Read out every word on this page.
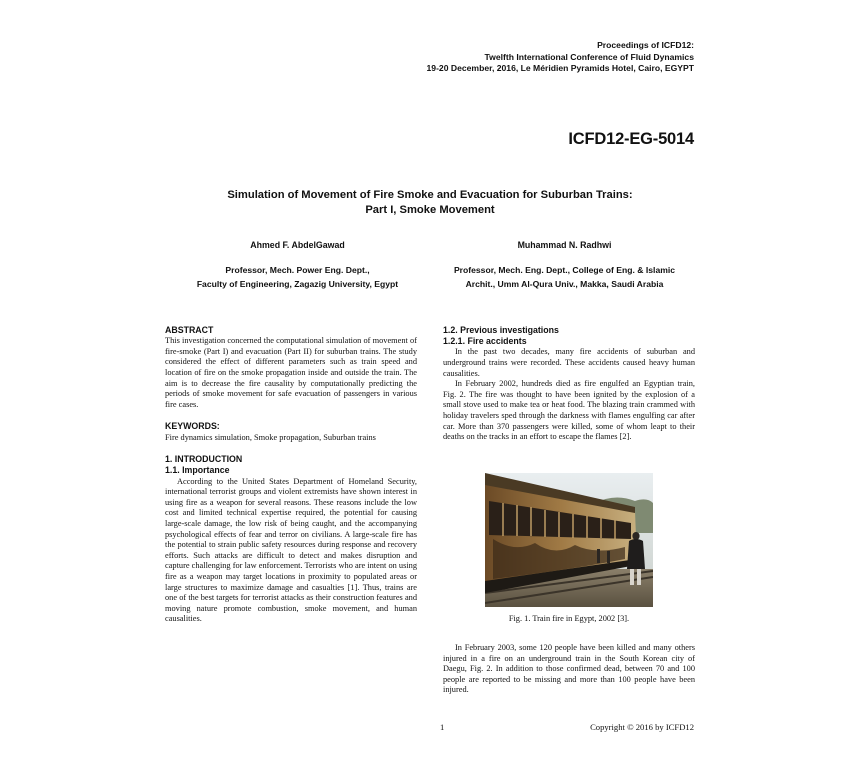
Proceedings of ICFD12:
Twelfth International Conference of Fluid Dynamics
19-20 December, 2016, Le Méridien Pyramids Hotel, Cairo, EGYPT
ICFD12-EG-5014
Simulation of Movement of Fire Smoke and Evacuation for Suburban Trains:
Part I, Smoke Movement
Ahmed F. AbdelGawad	Muhammad N. Radhwi
Professor, Mech. Power Eng. Dept.,
Faculty of Engineering, Zagazig University, Egypt
Professor, Mech. Eng. Dept., College of Eng. & Islamic
Archit., Umm Al-Qura Univ., Makka, Saudi Arabia
ABSTRACT

This investigation concerned the computational simulation of movement of fire-smoke (Part I) and evacuation (Part II) for suburban trains. The study considered the effect of different parameters such as train speed and location of fire on the smoke propagation inside and outside the train. The aim is to decrease the fire causality by computationally predicting the periods of smoke movement for safe evacuation of passengers in various fire cases.

KEYWORDS:

Fire dynamics simulation, Smoke propagation, Suburban trains

1. INTRODUCTION
1.1. Importance

According to the United States Department of Homeland Security, international terrorist groups and violent extremists have shown interest in using fire as a weapon for several reasons. These reasons include the low cost and limited technical expertise required, the potential for causing large-scale damage, the low risk of being caught, and the accompanying psychological effects of fear and terror on civilians. A large-scale fire has the potential to strain public safety resources during response and recovery efforts. Such attacks are difficult to detect and makes disruption and capture challenging for law enforcement. Terrorists who are intent on using fire as a weapon may target locations in proximity to populated areas or large structures to maximize damage and casualties [1]. Thus, trains are one of the best targets for terrorist attacks as their construction features and moving nature promote combustion, smoke movement, and human causalities.

1.2. Previous investigations
1.2.1. Fire accidents

In the past two decades, many fire accidents of suburban and underground trains were recorded. These accidents caused heavy human causalities.

In February 2002, hundreds died as fire engulfed an Egyptian train, Fig. 2. The fire was thought to have been ignited by the explosion of a small stove used to make tea or heat food. The blazing train crammed with holiday travelers sped through the darkness with flames engulfing car after car. More than 370 passengers were killed, some of whom leapt to their deaths on the tracks in an effort to escape the flames [2].

Fig. 1. Train fire in Egypt, 2002 [3].

In February 2003, some 120 people have been killed and many others injured in a fire on an underground train in the South Korean city of Daegu, Fig. 2. In addition to those confirmed dead, between 70 and 100 people are reported to be missing and more than 100 people have been injured.

1	Copyright © 2016 by ICFD12
